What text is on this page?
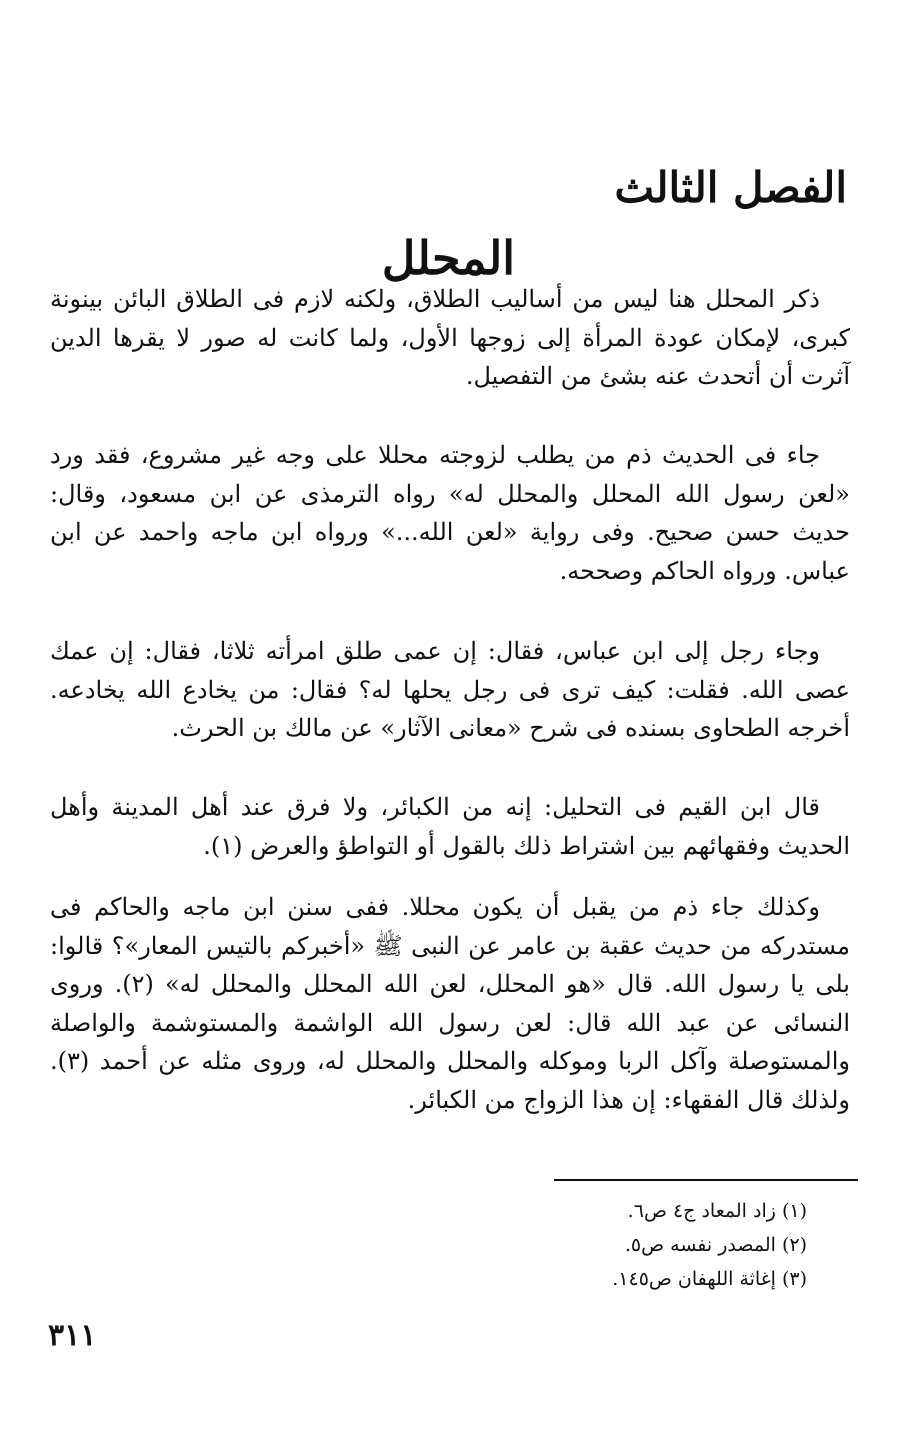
الفصل الثالث
المحلل

ذكر المحلل هنا ليس من أساليب الطلاق، ولكنه لازم فى الطلاق البائن بينونة كبرى، لإمكان عودة المرأة إلى زوجها الأول، ولما كانت له صور لا يقرها الدين آثرت أن أتحدث عنه بشئ من التفصيل.

جاء فى الحديث ذم من يطلب لزوجته محللا على وجه غير مشروع، فقد ورد «لعن رسول الله المحلل والمحلل له» رواه الترمذى عن ابن مسعود، وقال: حديث حسن صحيح. وفى رواية «لعن الله...» ورواه ابن ماجه واحمد عن ابن عباس. ورواه الحاكم وصححه.

وجاء رجل إلى ابن عباس، فقال: إن عمى طلق امرأته ثلاثا، فقال: إن عمك عصى الله. فقلت: كيف ترى فى رجل يحلها له؟ فقال: من يخادع الله يخادعه. أخرجه الطحاوى بسنده فى شرح «معانى الآثار» عن مالك بن الحرث.

قال ابن القيم فى التحليل: إنه من الكبائر، ولا فرق عند أهل المدينة وأهل الحديث وفقهائهم بين اشتراط ذلك بالقول أو التواطؤ والعرض (١).

وكذلك جاء ذم من يقبل أن يكون محللا. ففى سنن ابن ماجه والحاكم فى مستدركه من حديث عقبة بن عامر عن النبى ﷺ «أخبركم بالتيس المعار»؟ قالوا: بلى يا رسول الله. قال «هو المحلل، لعن الله المحلل والمحلل له» (٢). وروى النسائى عن عبد الله قال: لعن رسول الله الواشمة والمستوشمة والواصلة والمستوصلة وآكل الربا وموكله والمحلل والمحلل له، وروى مثله عن أحمد (٣). ولذلك قال الفقهاء: إن هذا الزواج من الكبائر.

(١) زاد المعاد ج٤ ص٦.
(٢) المصدر نفسه ص٥.
(٣) إغاثة اللهفان ص١٤٥.
٣١١
